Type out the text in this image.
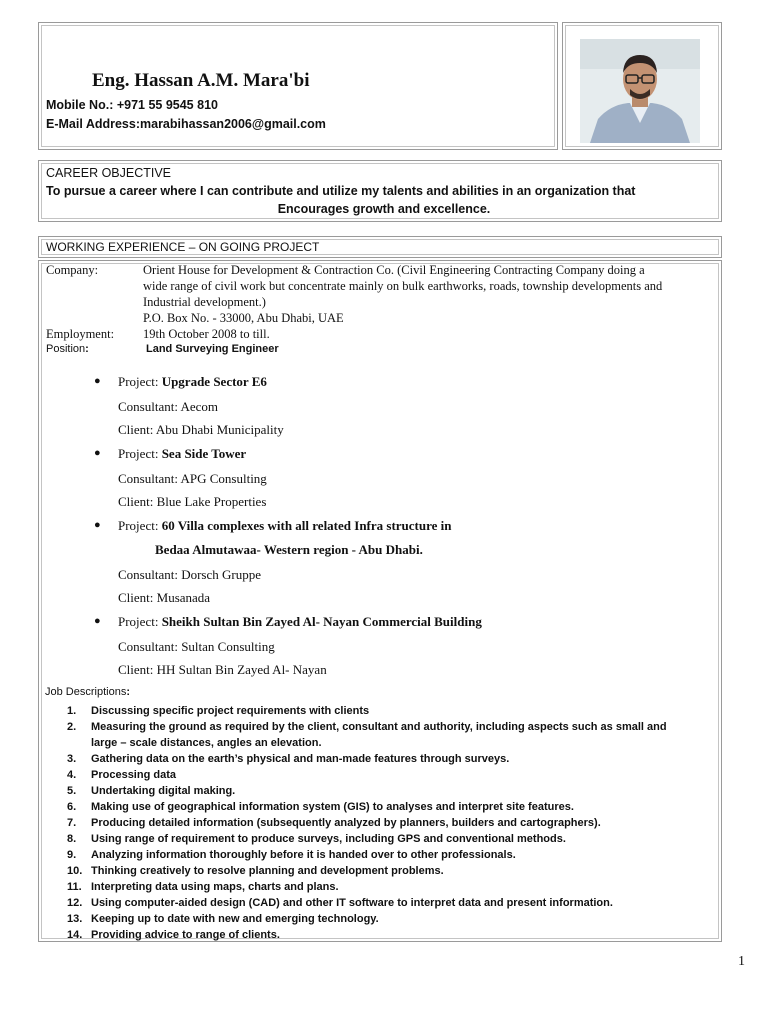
Eng. Hassan A.M. Mara'bi
Mobile No.: +971 55 9545 810
E-Mail Address:marabihassan2006@gmail.com
CAREER OBJECTIVE
To pursue a career where I can contribute and utilize my talents and abilities in an organization that
Encourages growth and excellence.
WORKING EXPERIENCE – ON GOING PROJECT
Company:	Orient House for Development & Contraction Co. (Civil Engineering Contracting Company doing a
wide range of civil work but concentrate mainly on bulk earthworks, roads, township developments and
Industrial development.)
P.O. Box No. - 33000, Abu Dhabi, UAE
Employment: 19th October 2008 to till.
Position:	Land Surveying Engineer
● Project: Upgrade Sector E6
Consultant: Aecom
Client: Abu Dhabi Municipality
● Project: Sea Side Tower
Consultant: APG Consulting
Client: Blue Lake Properties
● Project: 60 Villa complexes with all related Infra structure in
Bedaa Almutawaa- Western region - Abu Dhabi.
Consultant: Dorsch Gruppe
Client: Musanada
● Project: Sheikh Sultan Bin Zayed Al- Nayan Commercial Building
Consultant: Sultan Consulting
Client: HH Sultan Bin Zayed Al- Nayan
Job Descriptions:
1.	Discussing specific project requirements with clients
2.	Measuring the ground as required by the client, consultant and authority, including aspects such as small and
large – scale distances, angles an elevation.
3.	Gathering data on the earth’s physical and man-made features through surveys.
4.	Processing data
5.	Undertaking digital making.
6.	Making use of geographical information system (GIS) to analyses and interpret site features.
7.	Producing detailed information (subsequently analyzed by planners, builders and cartographers).
8.	Using range of requirement to produce surveys, including GPS and conventional methods.
9.	Analyzing information thoroughly before it is handed over to other professionals.
10. Thinking creatively to resolve planning and development problems.
11. Interpreting data using maps, charts and plans.
12. Using computer-aided design (CAD) and other IT software to interpret data and present information.
13. Keeping up to date with new and emerging technology.
14. Providing advice to range of clients.
1
